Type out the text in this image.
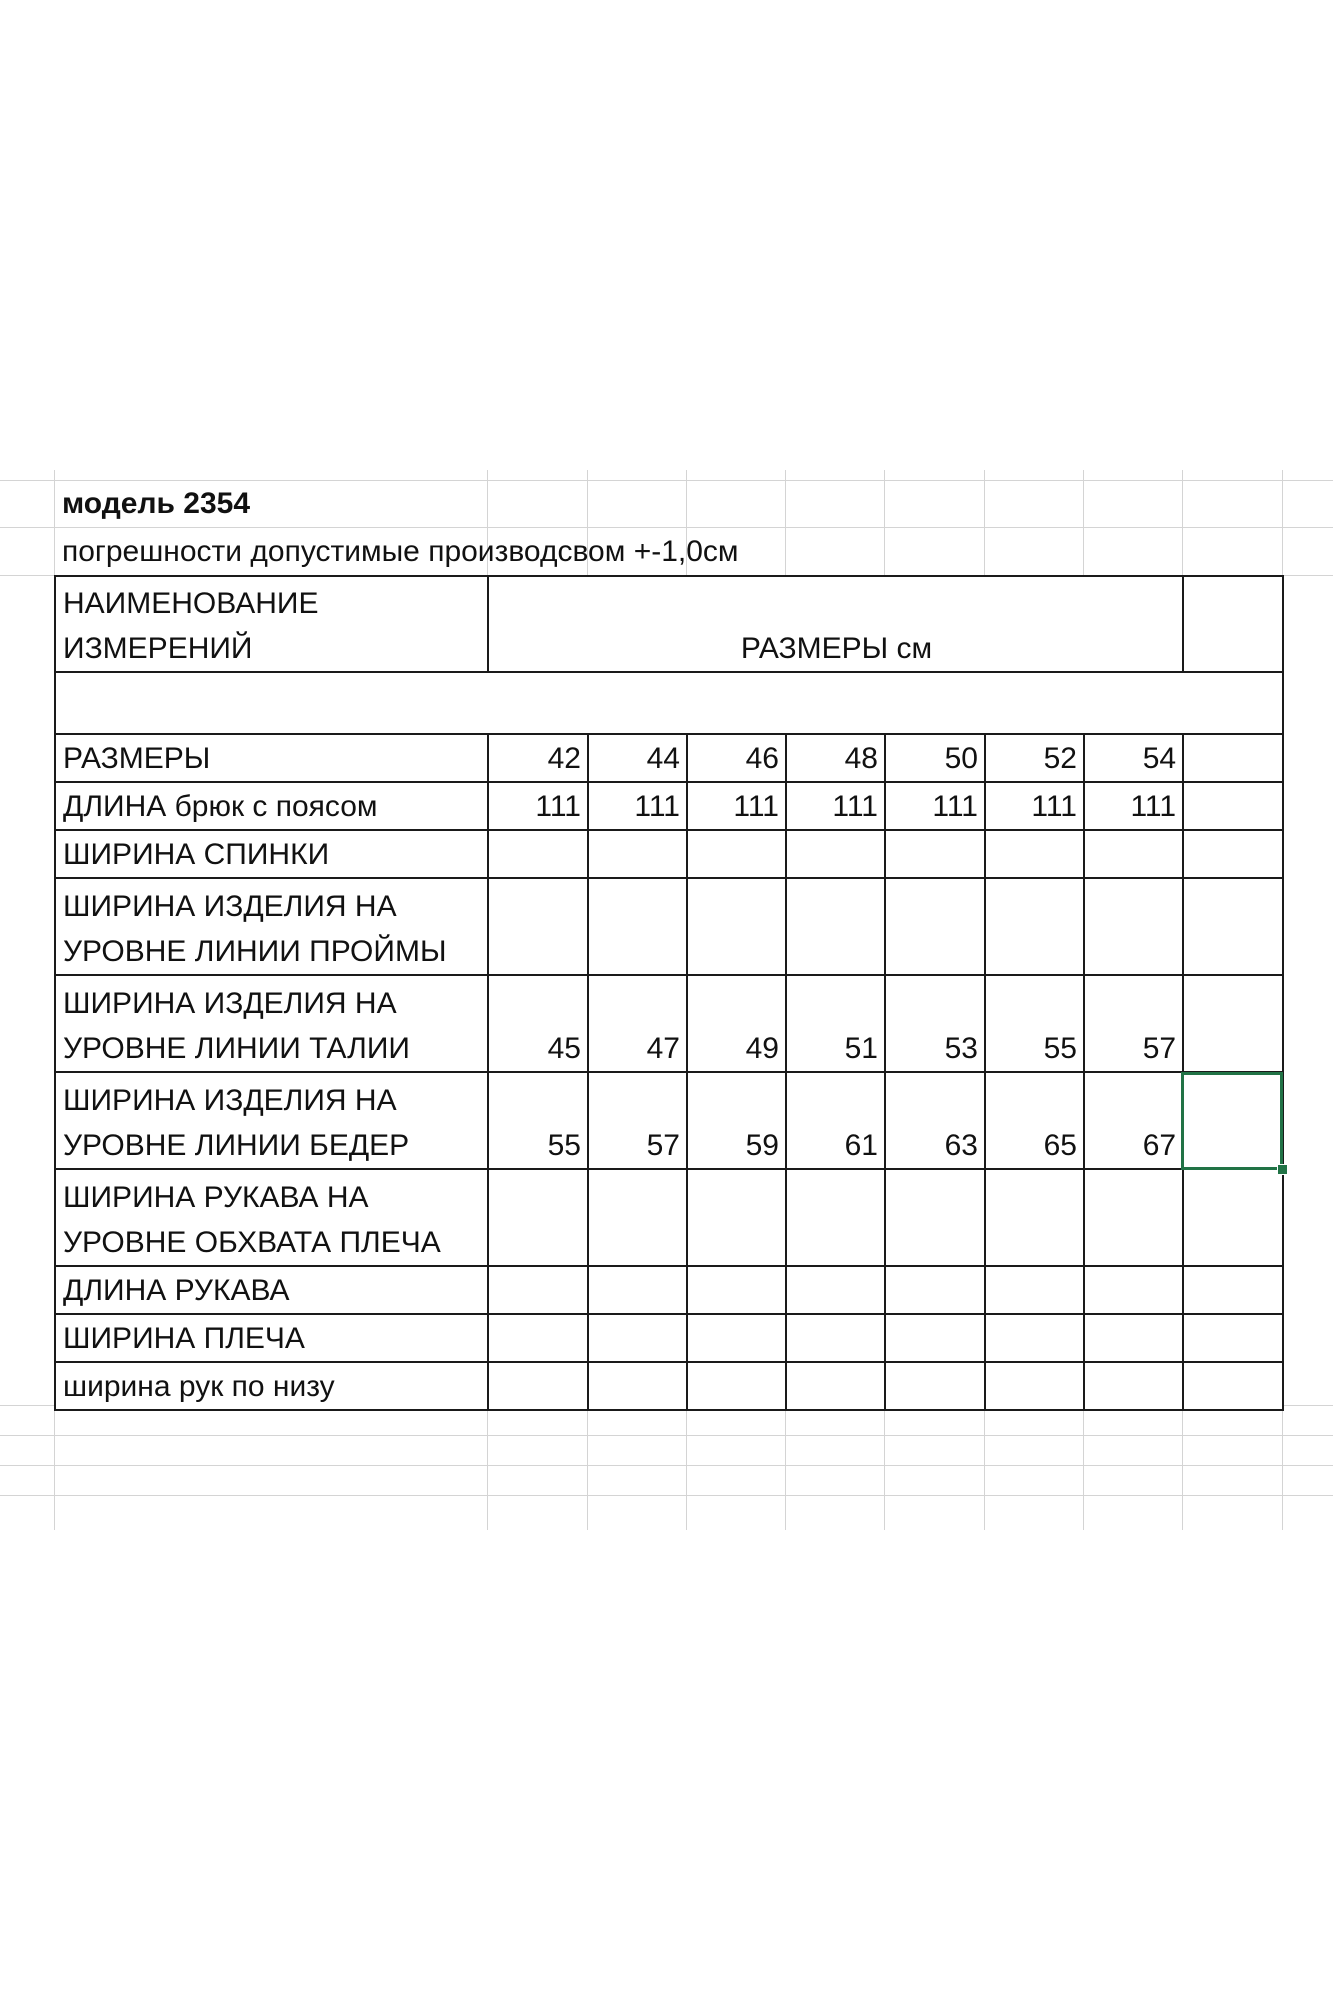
модель 2354
погрешности допустимые производсвом +-1,0см
НАИМЕНОВАНИЕ
ИЗМЕРЕНИЙ	РАЗМЕРЫ см							

РАЗМЕРЫ	42	44	46	48	50	52	54	

ДЛИНА брюк с поясом	111	111	111	111	111	111	111	

ШИРИНА СПИНКИ								

ШИРИНА ИЗДЕЛИЯ НА
УРОВНЕ ЛИНИИ ПРОЙМЫ								

ШИРИНА ИЗДЕЛИЯ НА
УРОВНЕ ЛИНИИ ТАЛИИ	45	47	49	51	53	55	57	

ШИРИНА ИЗДЕЛИЯ НА
УРОВНЕ ЛИНИИ БЕДЕР	55	57	59	61	63	65	67	

ШИРИНА РУКАВА НА
УРОВНЕ ОБХВАТА ПЛЕЧА								

ДЛИНА РУКАВА								

ШИРИНА ПЛЕЧА								

ширина рук по низу								
